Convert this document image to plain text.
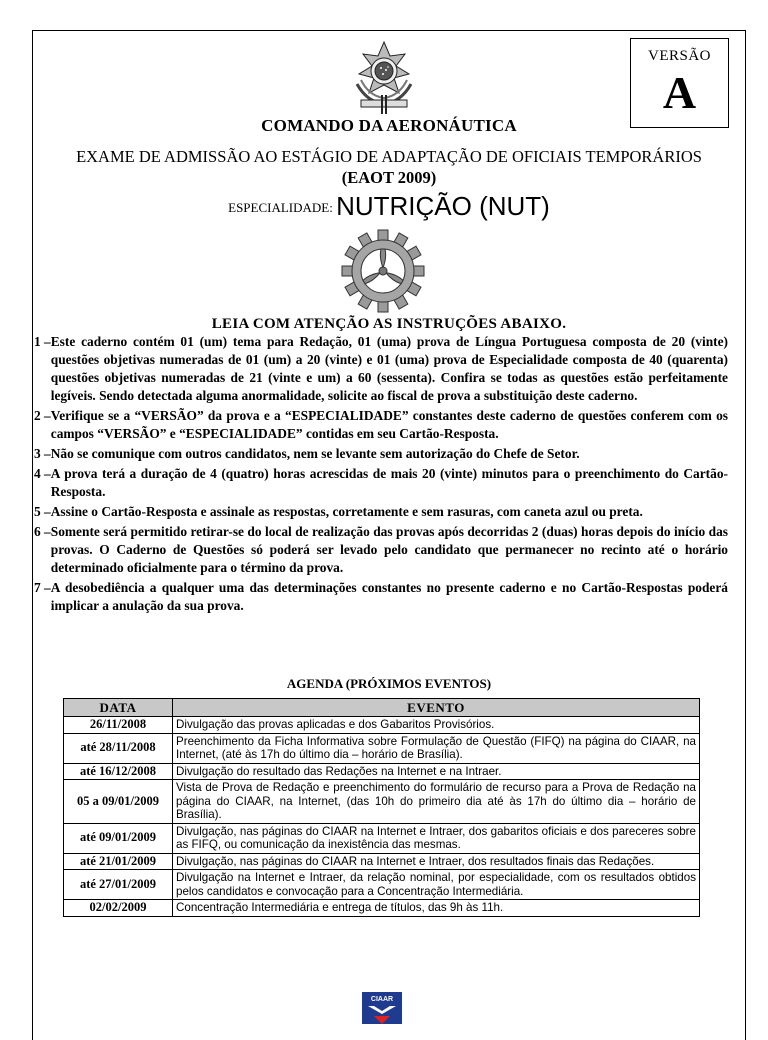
VERSÃO
A
COMANDO DA AERONÁUTICA
EXAME DE ADMISSÃO AO ESTÁGIO DE ADAPTAÇÃO DE OFICIAIS TEMPORÁRIOS
(EAOT 2009)
ESPECIALIDADE: NUTRIÇÃO (NUT)
LEIA COM ATENÇÃO AS INSTRUÇÕES ABAIXO.
1 – Este caderno contém 01 (um) tema para Redação, 01 (uma) prova de Língua Portuguesa composta de 20 (vinte) questões objetivas numeradas de 01 (um) a 20 (vinte) e 01 (uma) prova de Especialidade composta de 40 (quarenta) questões objetivas numeradas de 21 (vinte e um) a 60 (sessenta). Confira se todas as questões estão perfeitamente legíveis. Sendo detectada alguma anormalidade, solicite ao fiscal de prova a substituição deste caderno.
2 – Verifique se a “VERSÃO” da prova e a “ESPECIALIDADE” constantes deste caderno de questões conferem com os campos “VERSÃO” e “ESPECIALIDADE” contidas em seu Cartão-Resposta.
3 – Não se comunique com outros candidatos, nem se levante sem autorização do Chefe de Setor.
4 – A prova terá a duração de 4 (quatro) horas acrescidas de mais 20 (vinte) minutos para o preenchimento do Cartão-Resposta.
5 – Assine o Cartão-Resposta e assinale as respostas, corretamente e sem rasuras, com caneta azul ou preta.
6 – Somente será permitido retirar-se do local de realização das provas após decorridas 2 (duas) horas depois do início das provas. O Caderno de Questões só poderá ser levado pelo candidato que permanecer no recinto até o horário determinado oficialmente para o término da prova.
7 – A desobediência a qualquer uma das determinações constantes no presente caderno e no Cartão-Respostas poderá implicar a anulação da sua prova.
AGENDA (PRÓXIMOS EVENTOS)
DATA	EVENTO
26/11/2008	Divulgação das provas aplicadas e dos Gabaritos Provisórios.
até 28/11/2008	Preenchimento da Ficha Informativa sobre Formulação de Questão (FIFQ) na página do CIAAR, na Internet, (até às 17h do último dia – horário de Brasília).
até 16/12/2008	Divulgação do resultado das Redações na Internet e na Intraer.
05 a 09/01/2009	Vista de Prova de Redação e preenchimento do formulário de recurso para a Prova de Redação na página do CIAAR, na Internet, (das 10h do primeiro dia até às 17h do último dia – horário de Brasília).
até 09/01/2009	Divulgação, nas páginas do CIAAR na Internet e Intraer, dos gabaritos oficiais e dos pareceres sobre as FIFQ, ou comunicação da inexistência das mesmas.
até 21/01/2009	Divulgação, nas páginas do CIAAR na Internet e Intraer, dos resultados finais das Redações.
até 27/01/2009	Divulgação na Internet e Intraer, da relação nominal, por especialidade, com os resultados obtidos pelos candidatos e convocação para a Concentração Intermediária.
02/02/2009	Concentração Intermediária e entrega de títulos, das 9h às 11h.
CIAAR
